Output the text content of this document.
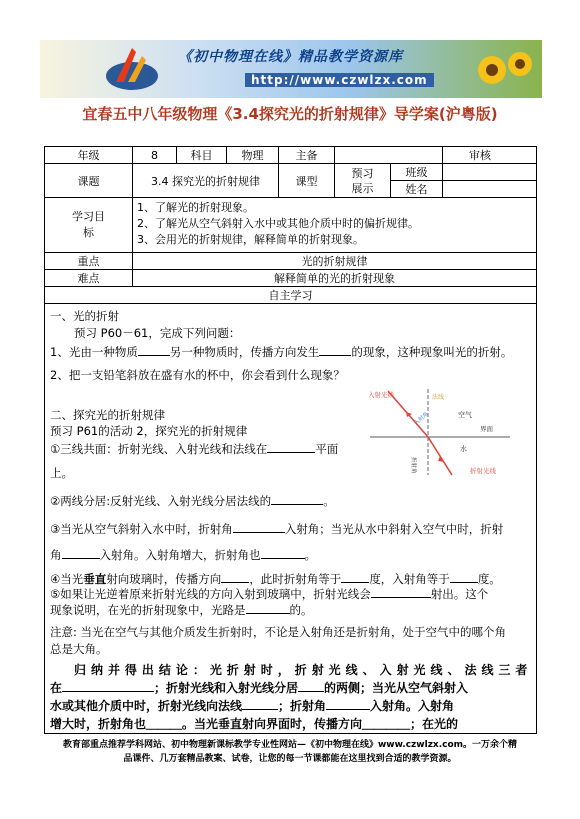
《初中物理在线》精品教学资源库
http://www.czwlzx.com
宜春五中八年级物理《3.4探究光的折射规律》导学案(沪粤版)
年级	8	科目	物理	主备			审核
课题	3.4 探究光的折射规律			课型	预习展示	班级	
						姓名	
学习目标	1、了解光的折射现象。
2、了解光从空气斜射入水中或其他介质中时的偏折规律。
3、会用光的折射规律，解释简单的折射现象。						

重点	光的折射规律						
难点	解释简单的光的折射现象						
自主学习							
一、光的折射
预习 P60－61，完成下列问题：
1、光由一种物质	另一种物质时，传播方向发生	的现象，这种现象叫光的折射。
2、把一支铅笔斜放在盛有水的杯中，你会看到什么现象？
入射光线	法线
空气
界面
水
入射角
折射角	折射光线
二、探究光的折射规律
预习 P61的活动 2，探究光的折射规律
①三线共面：折射光线、入射光线和法线在	平面
上。
②两线分居:反射光线、入射光线分居法线的	。
③当光从空气斜射入水中时，折射角	入射角；当光从水中斜射入空气中时，折射
角	入射角。入射角增大，折射角也	。
④当光垂直射向玻璃时，传播方向 ，此时折射角等于 度，入射角等于 度。
⑤如果让光逆着原来折射光线的方向入射到玻璃中，折射光线会	射出。这个
现象说明，在光的折射现象中，光路是	的。
注意: 当光在空气与其他介质发生折射时，不论是入射角还是折射角，处于空气中的哪个角
总是大角。
归 纳 并 得 出 结 论 ： 光 折 射 时 ， 折 射 光 线 、 入 射 光 线 、 法 线 三 者
在	；折射光线和入射光线分居 的两侧；当光从空气斜射入
水或其他介质中时，折射光线向法线	；折射角	入射角。入射角
增大时，折射角也＿＿＿。当光垂直射向界面时，传播方向＿＿＿＿；在光的
教育部重点推荐学科网站、初中物理新课标教学专业性网站—《初中物理在线》www.czwlzx.com。一万余个精
品课件、几万套精品教案、试卷，让您的每一节课都能在这里找到合适的教学资源。
